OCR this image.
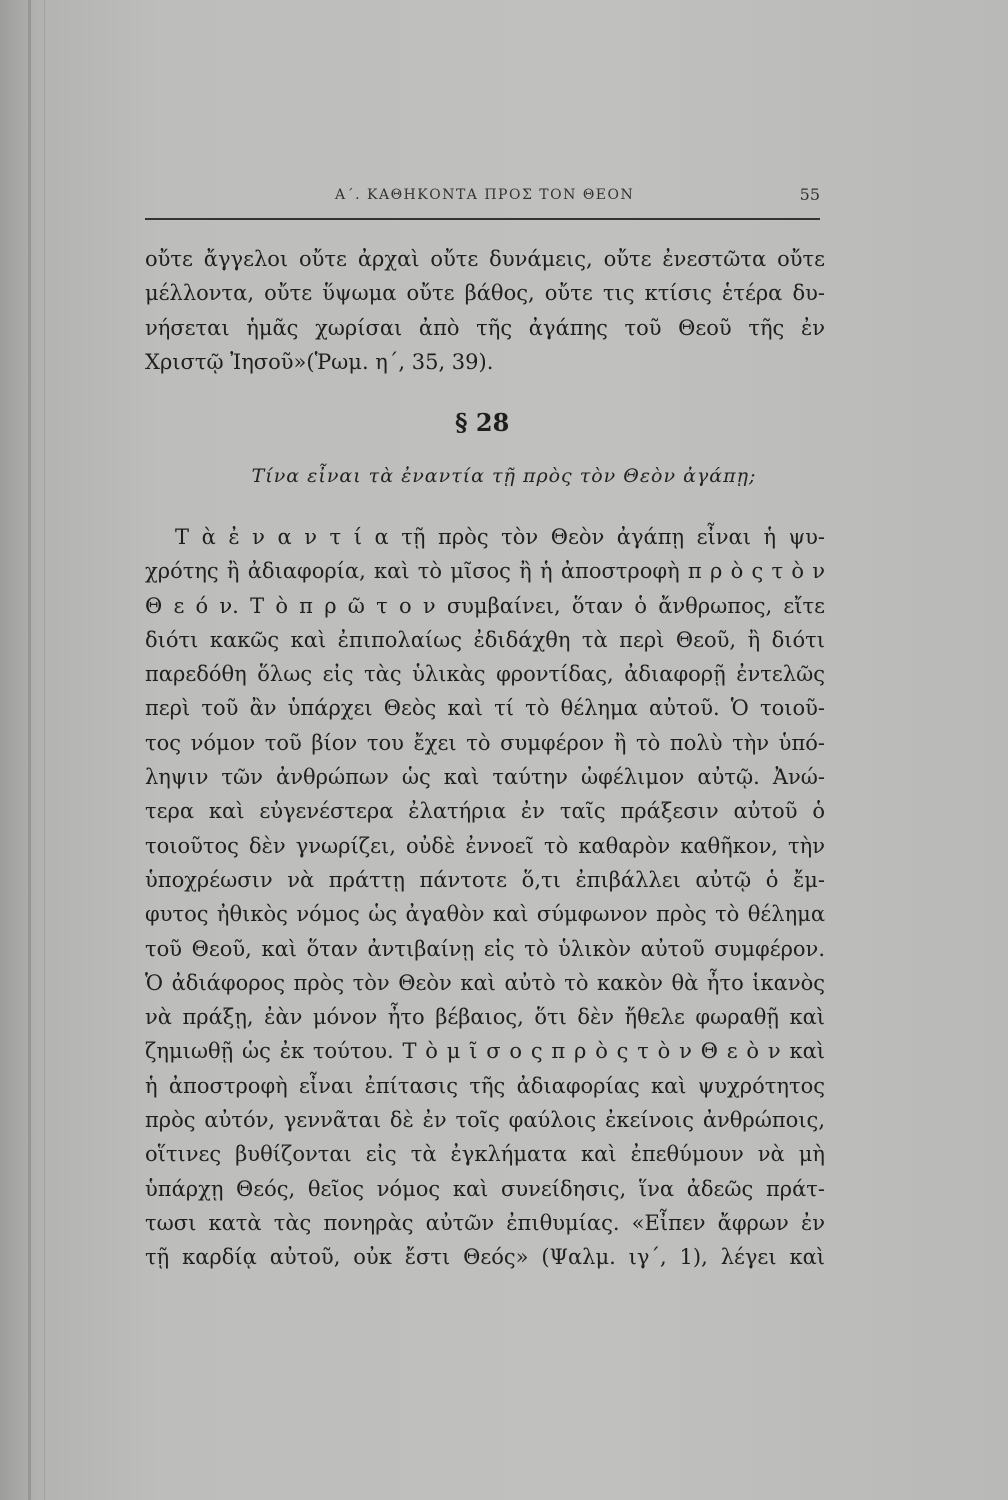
Α΄. ΚΑΘΗΚΟΝΤΑ ΠΡΟΣ ΤΟΝ ΘΕΟΝ	55
οὔτε ἄγγελοι οὔτε ἀρχαὶ οὔτε δυνάμεις, οὔτε ἐνεστῶτα οὔτε
μέλλοντα, οὔτε ὕψωμα οὔτε βάθος, οὔτε τις κτίσις ἑτέρα δυ-
νήσεται ἡμᾶς χωρίσαι ἀπὸ τῆς ἀγάπης τοῦ Θεοῦ τῆς ἐν
Χριστῷ Ἰησοῦ»(Ῥωμ. η΄, 35, 39).
§ 28
Τίνα εἶναι τὰ ἐναντία τῇ πρὸς τὸν Θεὸν ἀγάπῃ;
Τ ὰ ἐ ν α ν τ ί α τῇ πρὸς τὸν Θεὸν ἀγάπῃ εἶναι ἡ ψυ-
χρότης ἢ ἀδιαφορία, καὶ τὸ μῖσος ἢ ἡ ἀποστροφὴ π ρ ὸ ς τ ὸ ν
Θ ε ό ν. Τ ὸ π ρ ῶ τ ο ν συμβαίνει, ὅταν ὁ ἄνθρωπος, εἴτε
διότι κακῶς καὶ ἐπιπολαίως ἐδιδάχθη τὰ περὶ Θεοῦ, ἢ διότι
παρεδόθη ὅλως εἰς τὰς ὑλικὰς φροντίδας, ἀδιαφορῇ ἐντελῶς
περὶ τοῦ ἂν ὑπάρχει Θεὸς καὶ τί τὸ θέλημα αὐτοῦ. Ὁ τοιοῦ-
τος νόμον τοῦ βίον του ἔχει τὸ συμφέρον ἢ τὸ πολὺ τὴν ὑπό-
ληψιν τῶν ἀνθρώπων ὡς καὶ ταύτην ὠφέλιμον αὐτῷ. Ἀνώ-
τερα καὶ εὐγενέστερα ἐλατήρια ἐν ταῖς πράξεσιν αὐτοῦ ὁ
τοιοῦτος δὲν γνωρίζει, οὐδὲ ἐννοεῖ τὸ καθαρὸν καθῆκον, τὴν
ὑποχρέωσιν νὰ πράττῃ πάντοτε ὅ,τι ἐπιβάλλει αὐτῷ ὁ ἔμ-
φυτος ἠθικὸς νόμος ὡς ἀγαθὸν καὶ σύμφωνον πρὸς τὸ θέλημα
τοῦ Θεοῦ, καὶ ὅταν ἀντιβαίνῃ εἰς τὸ ὑλικὸν αὐτοῦ συμφέρον.
Ὁ ἀδιάφορος πρὸς τὸν Θεὸν καὶ αὐτὸ τὸ κακὸν θὰ ἦτο ἱκανὸς
νὰ πράξῃ, ἐὰν μόνον ἦτο βέβαιος, ὅτι δὲν ἤθελε φωραθῇ καὶ
ζημιωθῇ ὡς ἐκ τούτου. Τ ὸ μ ῖ σ ο ς π ρ ὸ ς τ ὸ ν Θ ε ὸ ν καὶ
ἡ ἀποστροφὴ εἶναι ἐπίτασις τῆς ἀδιαφορίας καὶ ψυχρότητος
πρὸς αὐτόν, γεννᾶται δὲ ἐν τοῖς φαύλοις ἐκείνοις ἀνθρώποις,
οἵτινες βυθίζονται εἰς τὰ ἐγκλήματα καὶ ἐπεθύμουν νὰ μὴ
ὑπάρχῃ Θεός, θεῖος νόμος καὶ συνείδησις, ἵνα ἀδεῶς πράτ-
τωσι κατὰ τὰς πονηρὰς αὐτῶν ἐπιθυμίας. «Εἶπεν ἄφρων ἐν
τῇ καρδίᾳ αὐτοῦ, οὐκ ἔστι Θεός» (Ψαλμ. ιγ΄, 1), λέγει καὶ
